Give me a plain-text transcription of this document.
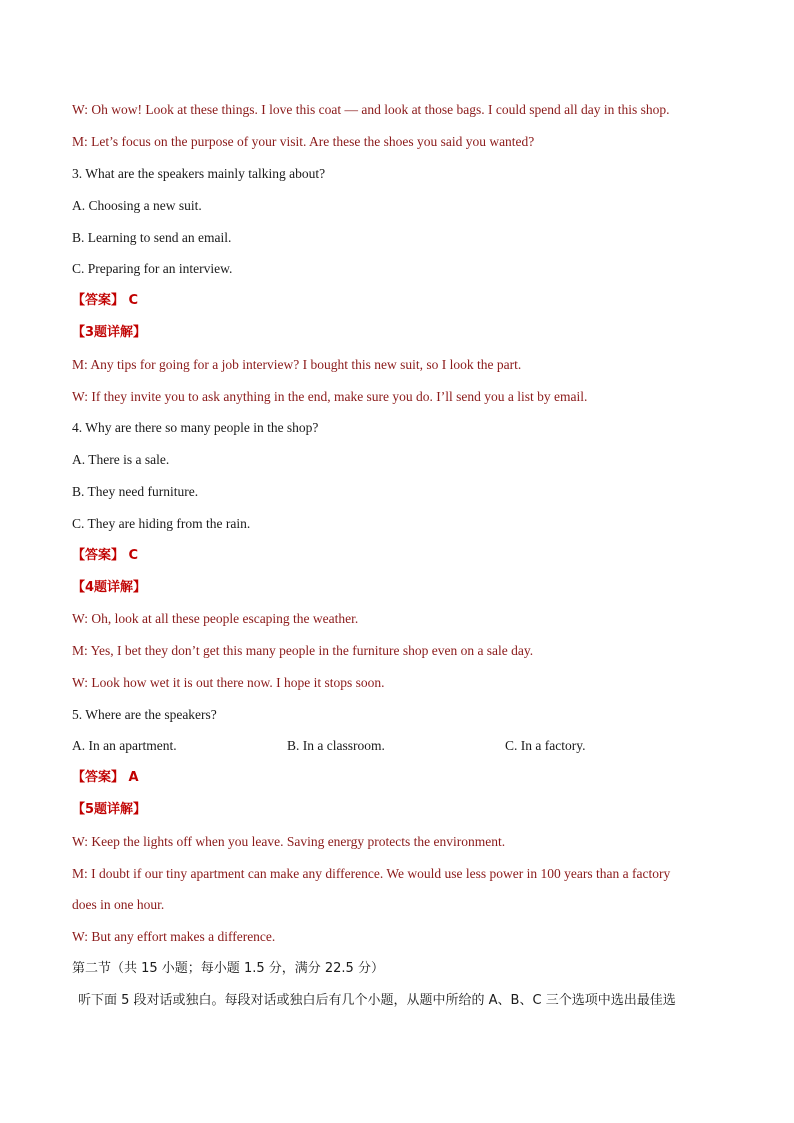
W: Oh wow! Look at these things. I love this coat — and look at those bags. I could spend all day in this shop.
M: Let’s focus on the purpose of your visit. Are these the shoes you said you wanted?
3. What are the speakers mainly talking about?
A. Choosing a new suit.
B. Learning to send an email.
C. Preparing for an interview.
【答案】 C
【3题详解】
M: Any tips for going for a job interview? I bought this new suit, so I look the part.
W: If they invite you to ask anything in the end, make sure you do. I’ll send you a list by email.
4. Why are there so many people in the shop?
A. There is a sale.
B. They need furniture.
C. They are hiding from the rain.
【答案】 C
【4题详解】
W: Oh, look at all these people escaping the weather.
M: Yes, I bet they don’t get this many people in the furniture shop even on a sale day.
W: Look how wet it is out there now. I hope it stops soon.
5. Where are the speakers?
A. In an apartment.	B. In a classroom.	C. In a factory.
【答案】 A
【5题详解】
W: Keep the lights off when you leave. Saving energy protects the environment.
M: I doubt if our tiny apartment can make any difference. We would use less power in 100 years than a factory
does in one hour.
W: But any effort makes a difference.
第二节（共 15 小题；每小题 1.5 分，满分 22.5 分）
听下面 5 段对话或独白。每段对话或独白后有几个小题，从题中所给的 A、B、C 三个选项中选出最佳选
